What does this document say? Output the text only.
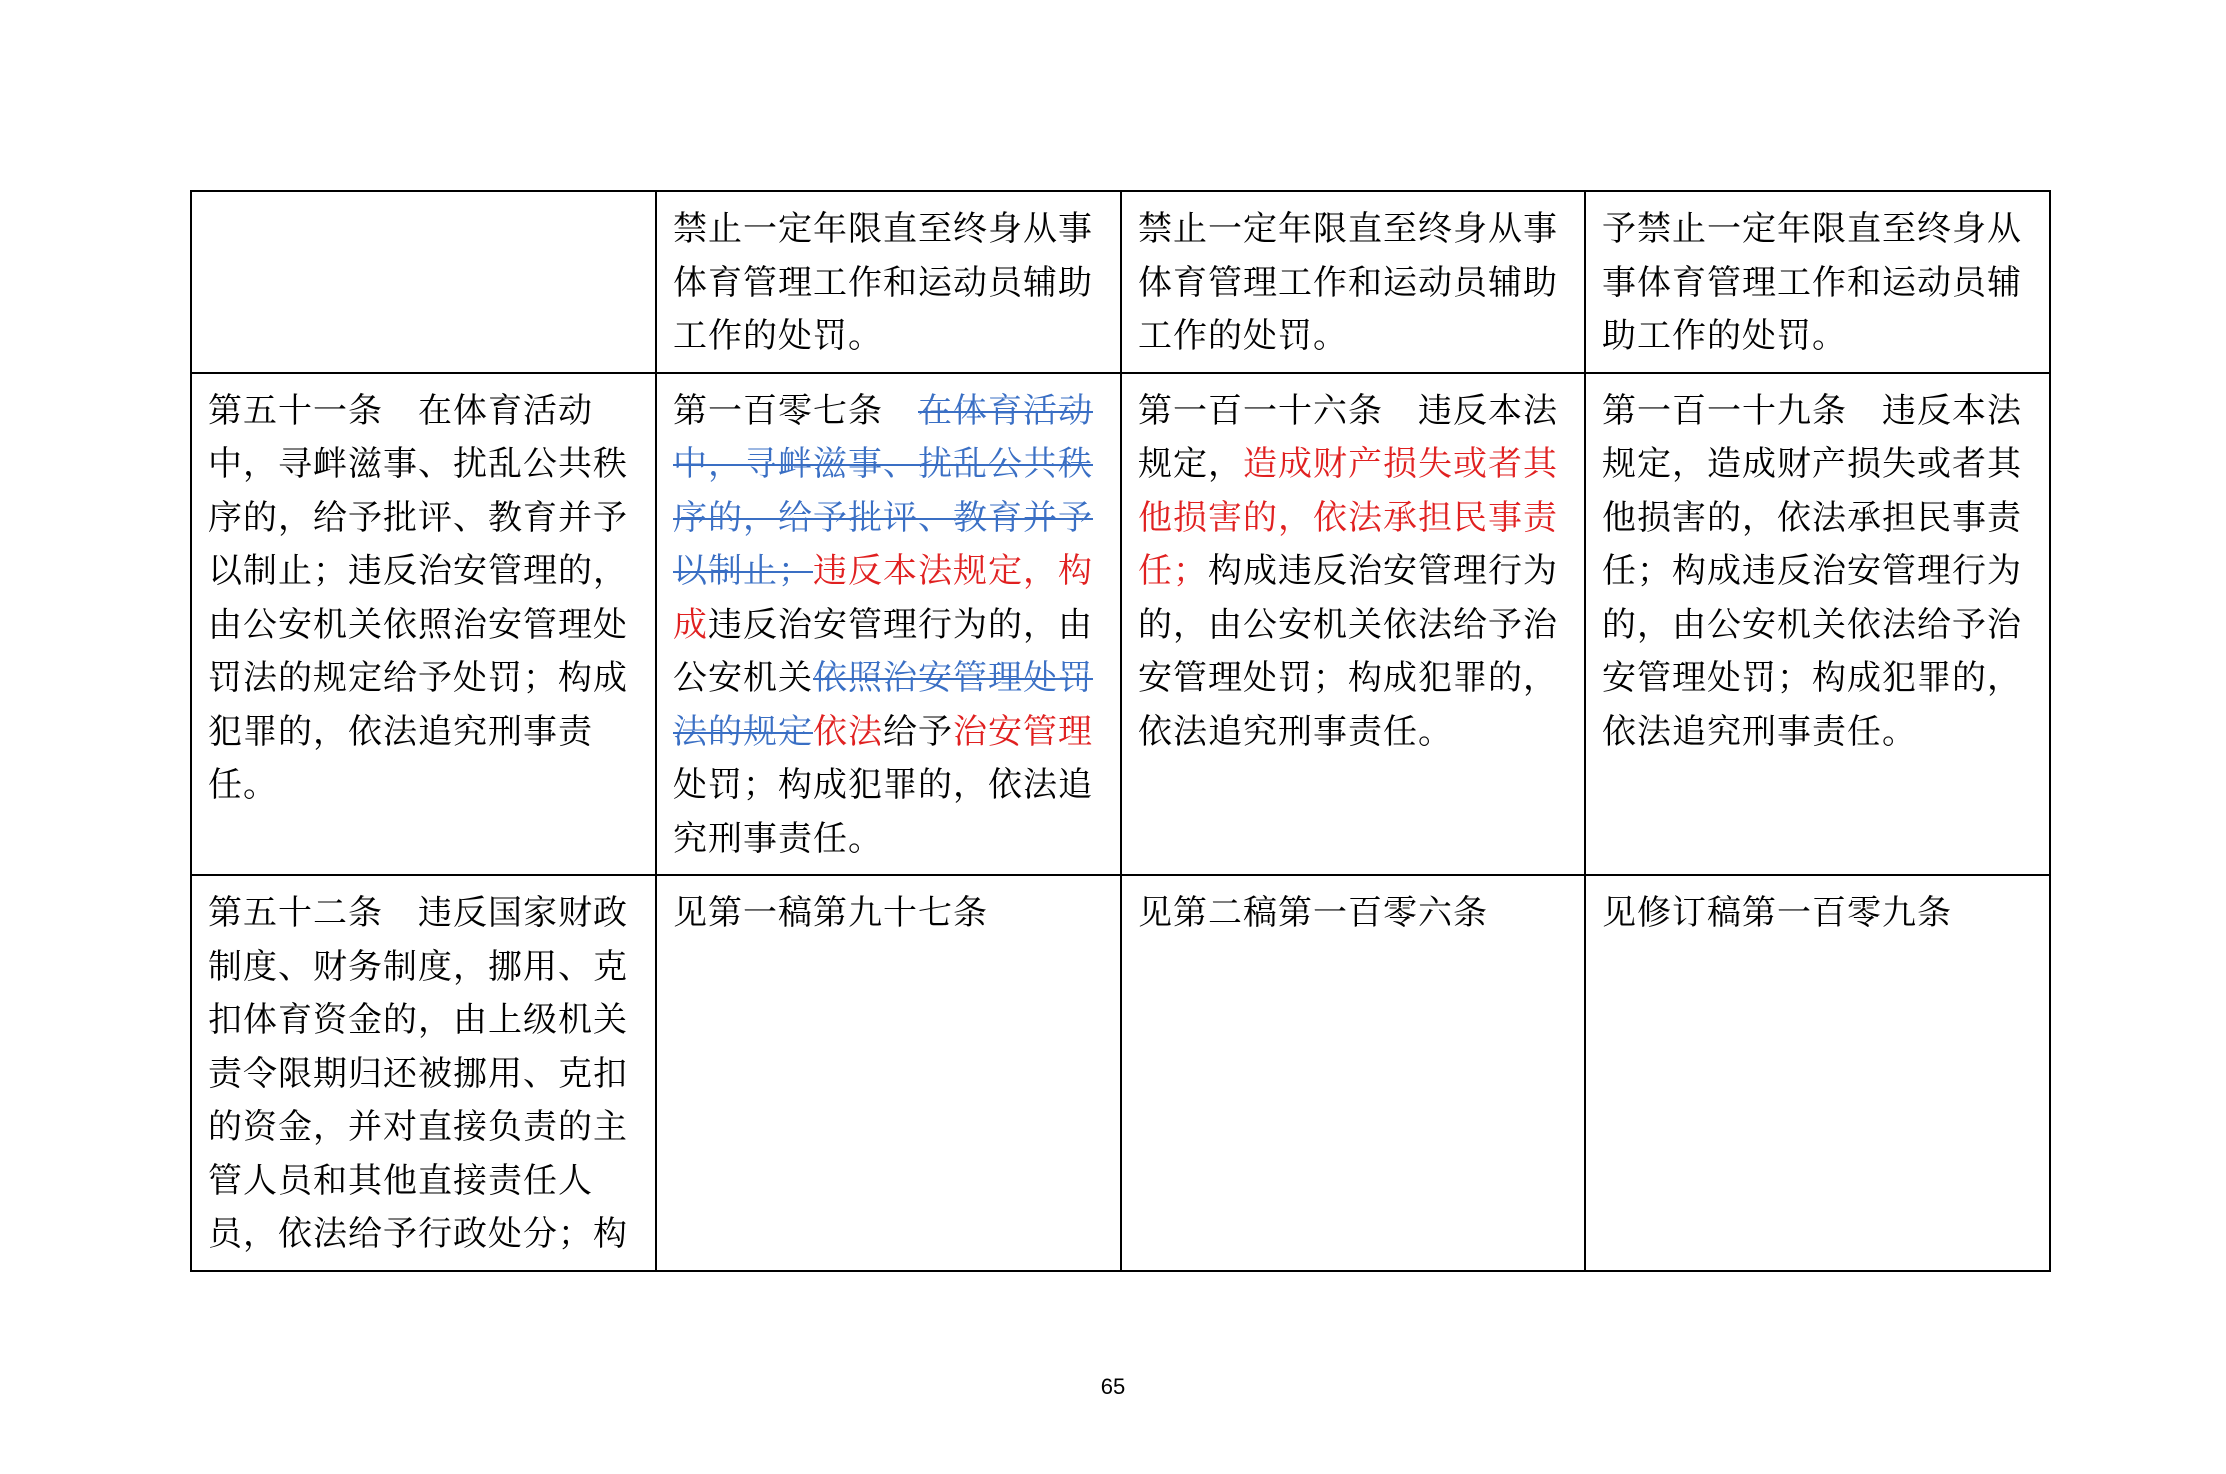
	禁止一定年限直至终身从事体育管理工作和运动员辅助工作的处罚。	禁止一定年限直至终身从事体育管理工作和运动员辅助工作的处罚。	予禁止一定年限直至终身从事体育管理工作和运动员辅助工作的处罚。
第五十一条　在体育活动中，寻衅滋事、扰乱公共秩序的，给予批评、教育并予以制止；违反治安管理的，由公安机关依照治安管理处罚法的规定给予处罚；构成犯罪的，依法追究刑事责任。	第一百零七条　在体育活动中，寻衅滋事、扰乱公共秩序的，给予批评、教育并予以制止；违反本法规定，构成违反治安管理行为的，由公安机关依照治安管理处罚法的规定依法给予治安管理处罚；构成犯罪的，依法追究刑事责任。	第一百一十六条　违反本法规定，造成财产损失或者其他损害的，依法承担民事责任；构成违反治安管理行为的，由公安机关依法给予治安管理处罚；构成犯罪的，依法追究刑事责任。	第一百一十九条　违反本法规定，造成财产损失或者其他损害的，依法承担民事责任；构成违反治安管理行为的，由公安机关依法给予治安管理处罚；构成犯罪的，依法追究刑事责任。
第五十二条　违反国家财政制度、财务制度，挪用、克扣体育资金的，由上级机关责令限期归还被挪用、克扣的资金，并对直接负责的主管人员和其他直接责任人员，依法给予行政处分；构	见第一稿第九十七条	见第二稿第一百零六条	见修订稿第一百零九条
65
